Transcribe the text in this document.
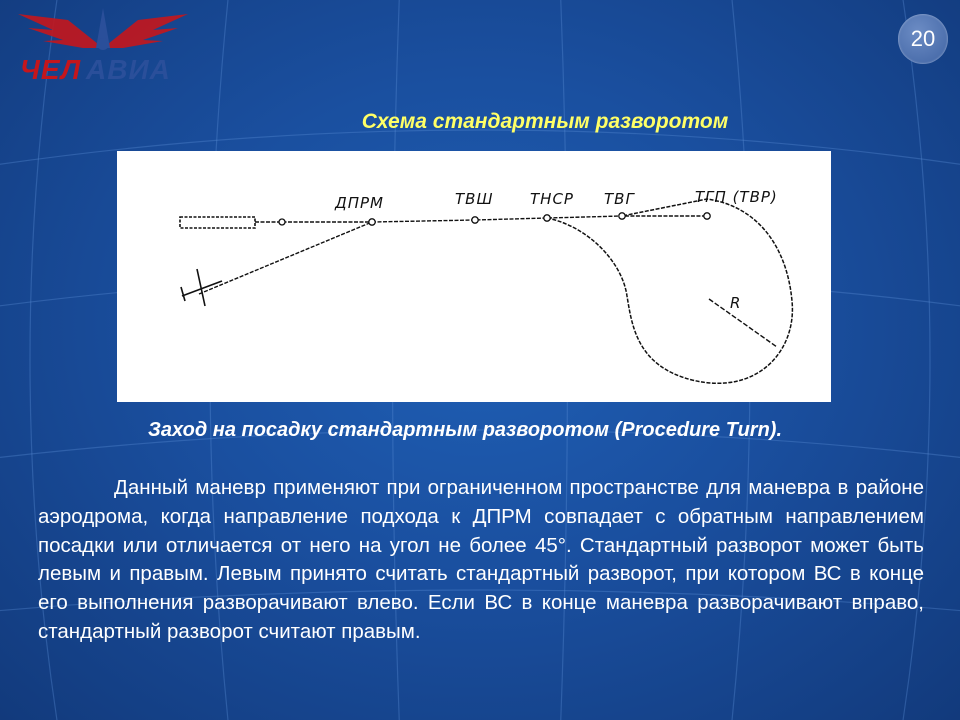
ЧЕЛ АВИА
20
Схема стандартным разворотом
ДПРМ	ТВШ ТНСР ТВГ	ТГП (ТВР)
R
Заход на посадку стандартным разворотом (Procedure Turn).
Данный маневр применяют при ограниченном пространстве для маневра в районе аэродрома, когда направление подхода к ДПРМ совпадает с обратным направлением посадки или отличается от него на угол не более 45°. Стандартный разворот может быть левым и правым. Левым принято считать стандартный разворот, при котором ВС в конце его выполнения разворачивают влево. Если ВС в конце маневра разворачивают вправо, стандартный разворот считают правым.
